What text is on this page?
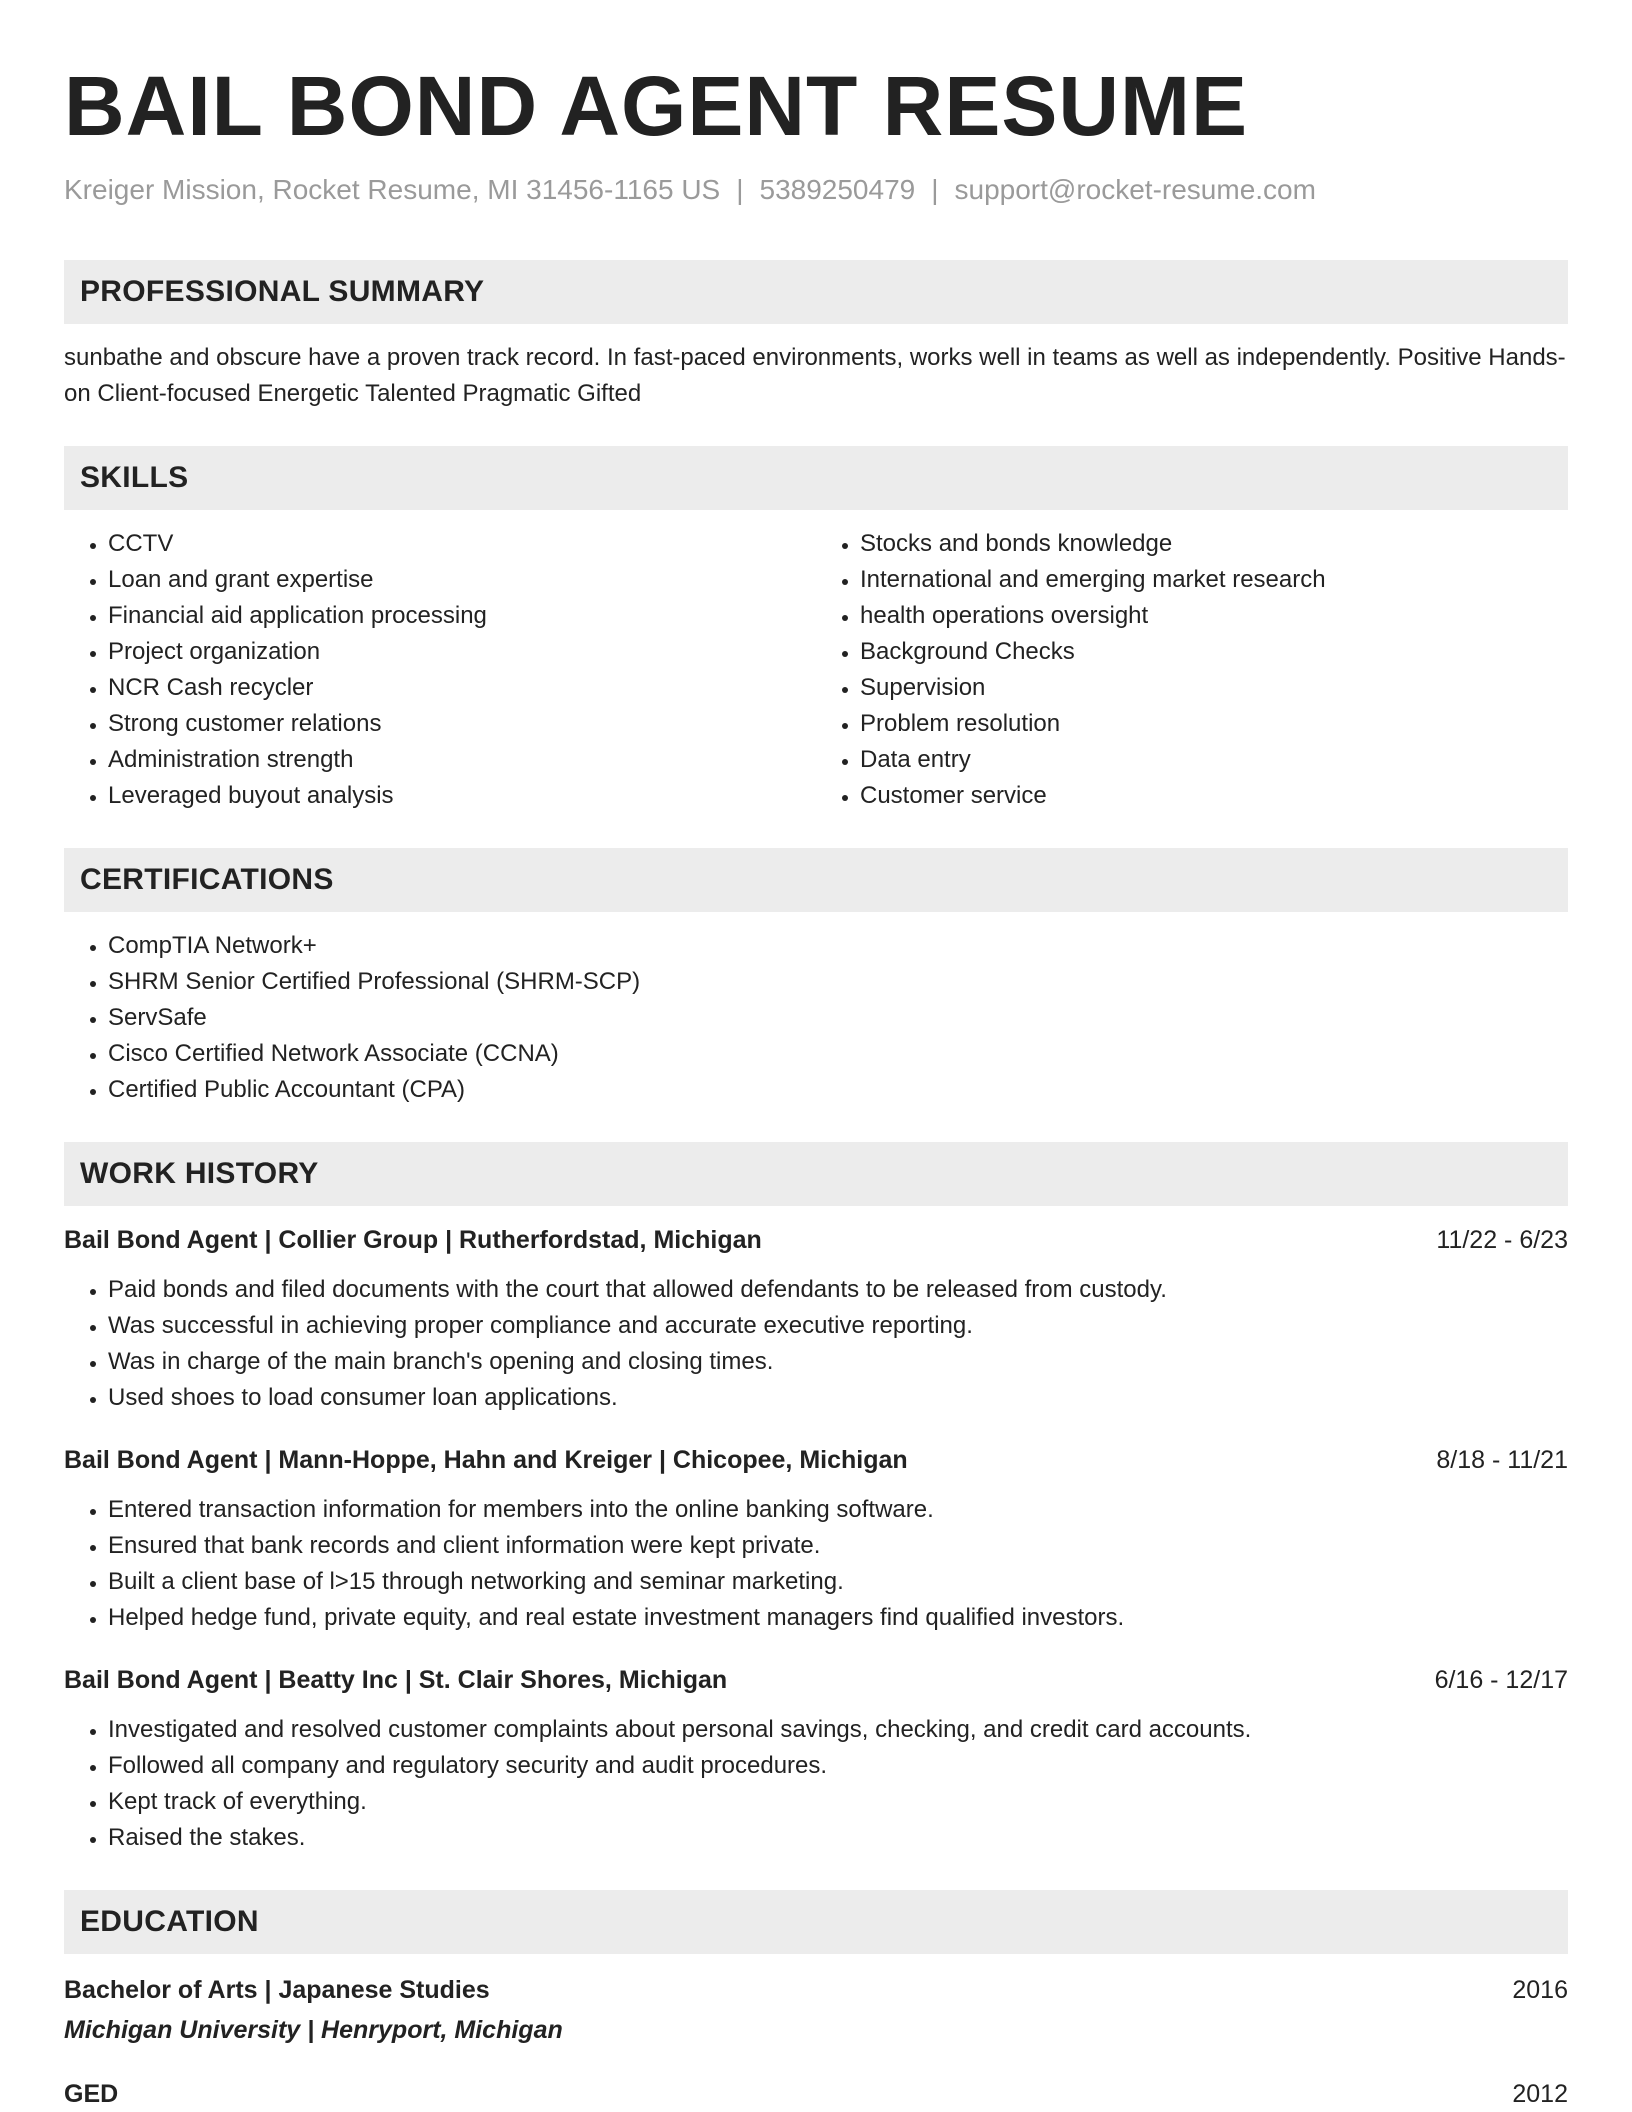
BAIL BOND AGENT RESUME
Kreiger Mission, Rocket Resume, MI 31456-1165 US | 5389250479 | support@rocket-resume.com
PROFESSIONAL SUMMARY
sunbathe and obscure have a proven track record. In fast-paced environments, works well in teams as well as independently. Positive Hands-on Client-focused Energetic Talented Pragmatic Gifted
SKILLS
• CCTV
• Loan and grant expertise
• Financial aid application processing
• Project organization
• NCR Cash recycler
• Strong customer relations
• Administration strength
• Leveraged buyout analysis
• Stocks and bonds knowledge
• International and emerging market research
• health operations oversight
• Background Checks
• Supervision
• Problem resolution
• Data entry
• Customer service
CERTIFICATIONS
• CompTIA Network+
• SHRM Senior Certified Professional (SHRM-SCP)
• ServSafe
• Cisco Certified Network Associate (CCNA)
• Certified Public Accountant (CPA)
WORK HISTORY
Bail Bond Agent | Collier Group | Rutherfordstad, Michigan	11/22 - 6/23
• Paid bonds and filed documents with the court that allowed defendants to be released from custody.
• Was successful in achieving proper compliance and accurate executive reporting.
• Was in charge of the main branch's opening and closing times.
• Used shoes to load consumer loan applications.
Bail Bond Agent | Mann-Hoppe, Hahn and Kreiger | Chicopee, Michigan	8/18 - 11/21
• Entered transaction information for members into the online banking software.
• Ensured that bank records and client information were kept private.
• Built a client base of l>15 through networking and seminar marketing.
• Helped hedge fund, private equity, and real estate investment managers find qualified investors.
Bail Bond Agent | Beatty Inc | St. Clair Shores, Michigan	6/16 - 12/17
• Investigated and resolved customer complaints about personal savings, checking, and credit card accounts.
• Followed all company and regulatory security and audit procedures.
• Kept track of everything.
• Raised the stakes.
EDUCATION
Bachelor of Arts | Japanese Studies	2016
Michigan University | Henryport, Michigan
GED	2012
